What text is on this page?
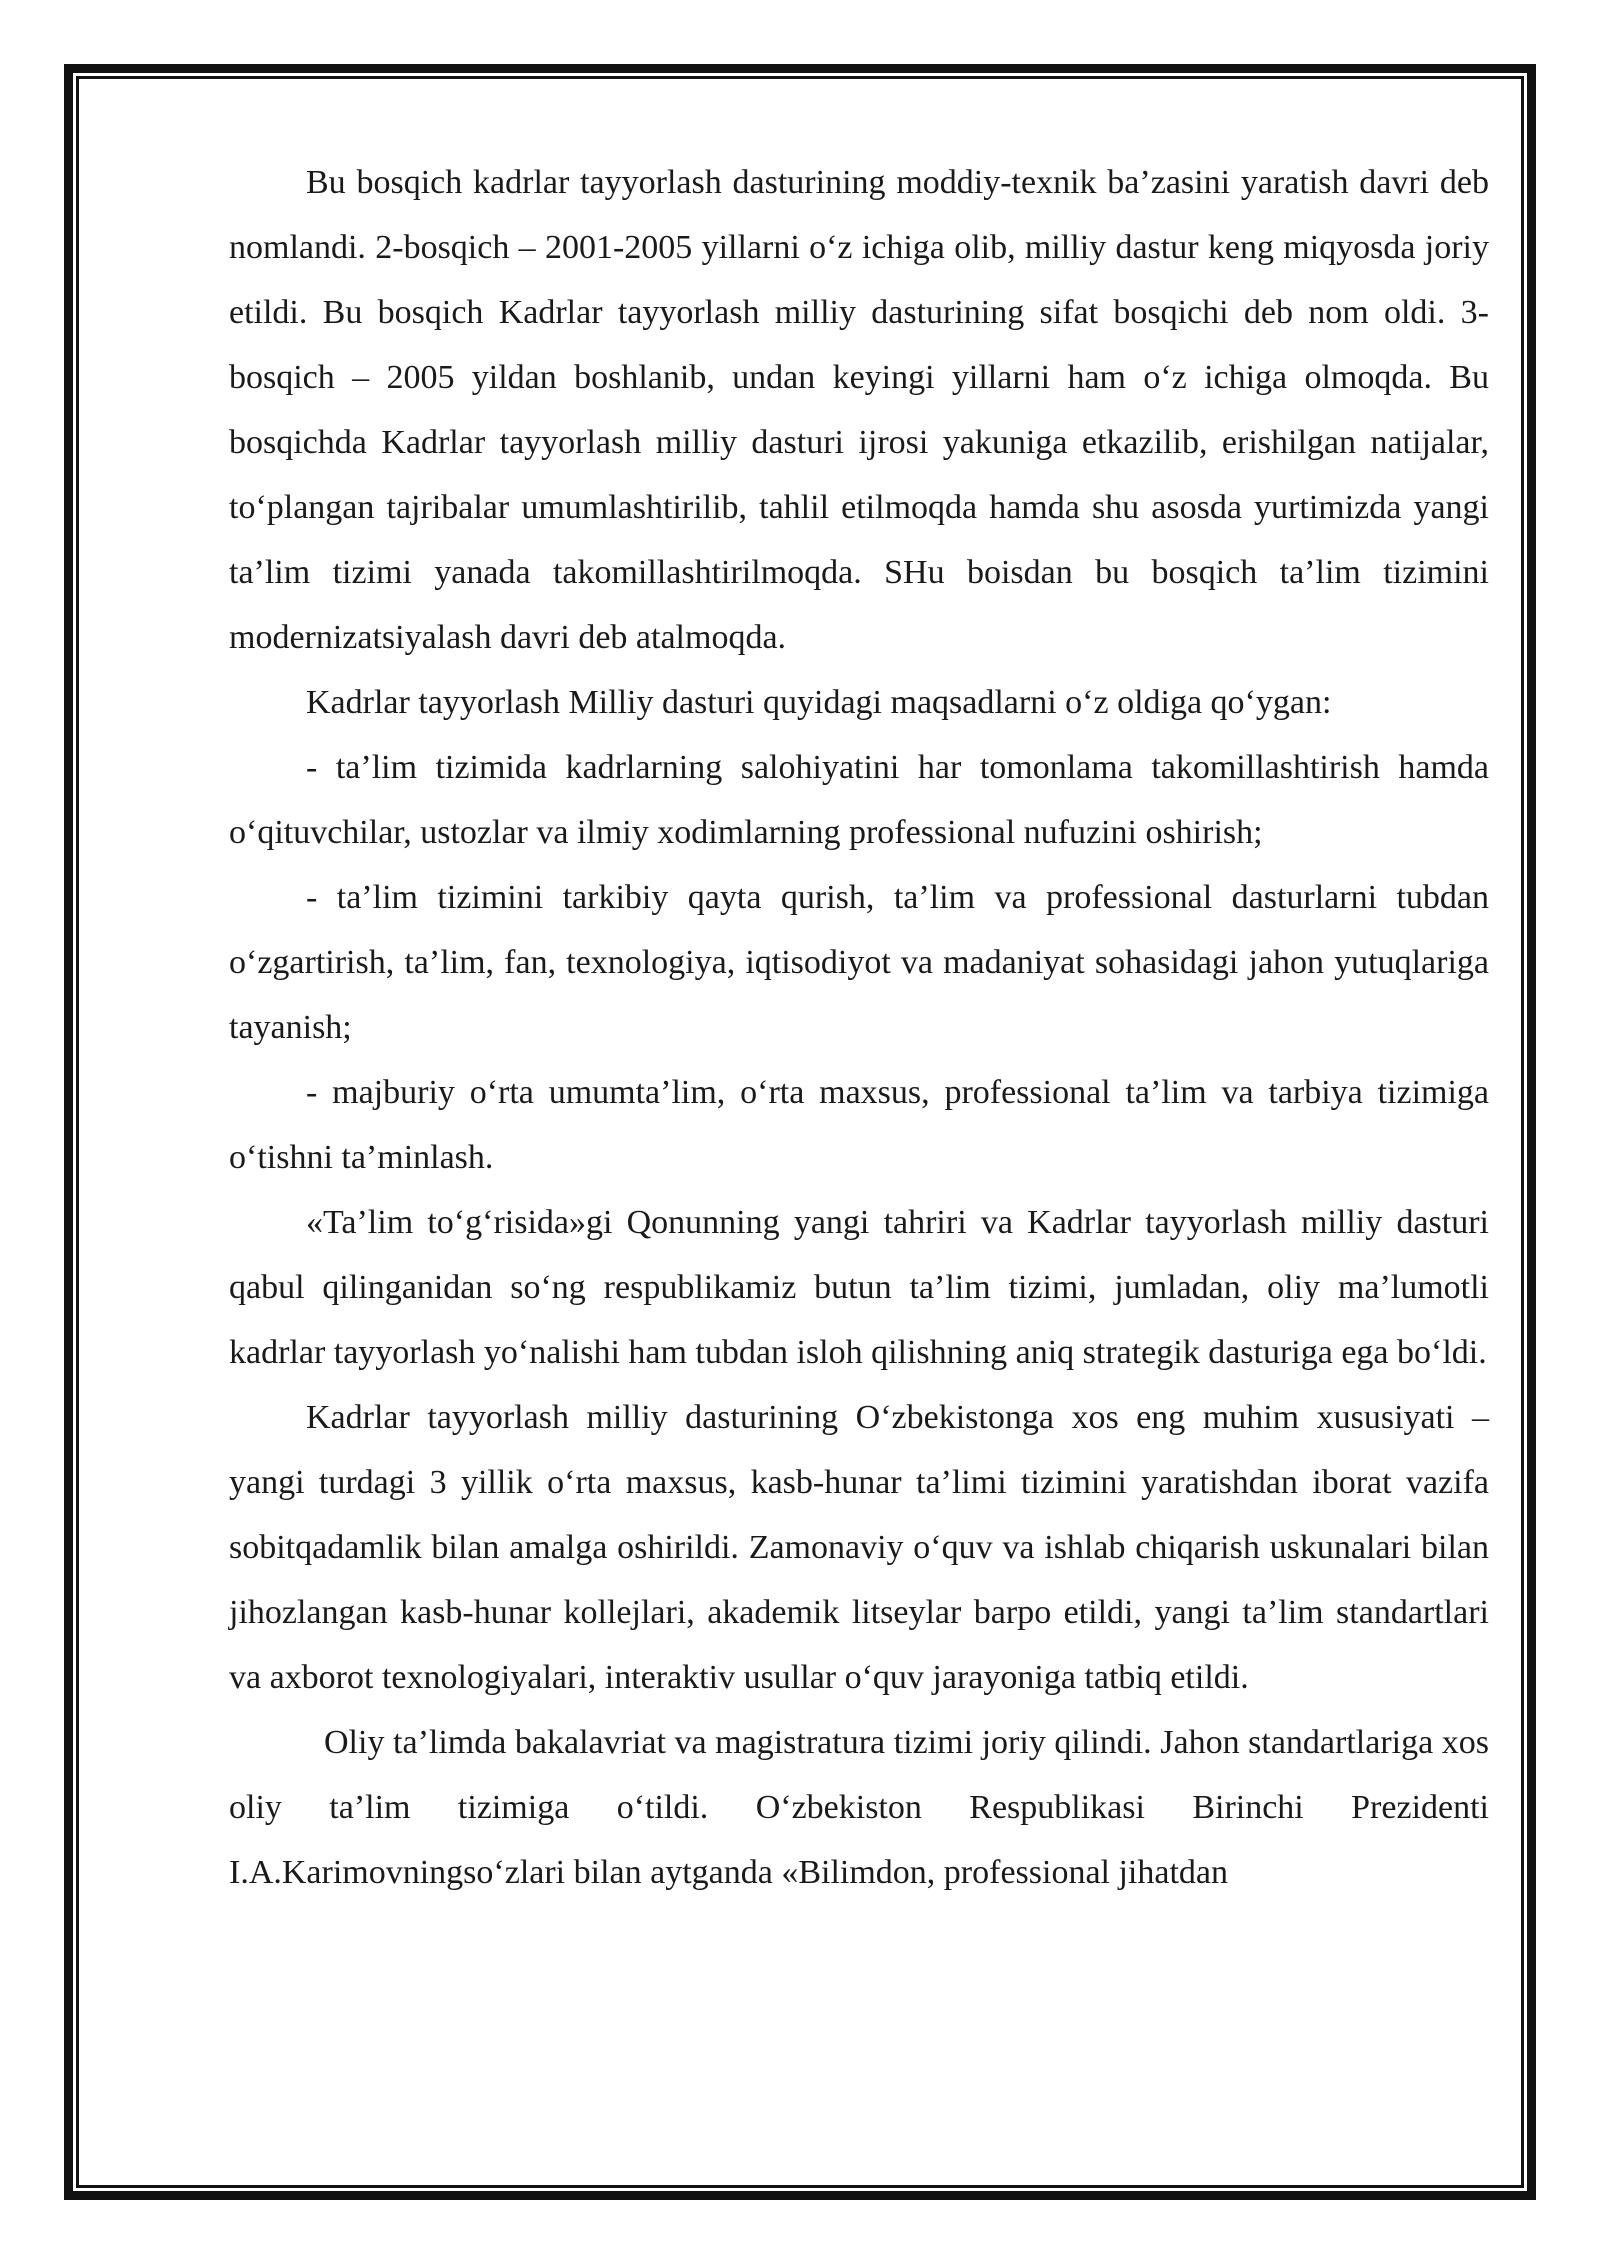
Bu bosqich kadrlar tayyorlash dasturining moddiy-texnik ba’zasini yaratish davri deb nomlandi. 2-bosqich – 2001-2005 yillarni o‘z ichiga olib, milliy dastur keng miqyosda joriy etildi. Bu bosqich Kadrlar tayyorlash milliy dasturining sifat bosqichi deb nom oldi. 3-bosqich – 2005 yildan boshlanib, undan keyingi yillarni ham o‘z ichiga olmoqda. Bu bosqichda Kadrlar tayyorlash milliy dasturi ijrosi yakuniga etkazilib, erishilgan natijalar, to‘plangan tajribalar umumlashtirilib, tahlil etilmoqda hamda shu asosda yurtimizda yangi ta’lim tizimi yanada takomillashtirilmoqda. SHu boisdan bu bosqich ta’lim tizimini modernizatsiyalash davri deb atalmoqda.

Kadrlar tayyorlash Milliy dasturi quyidagi maqsadlarni o‘z oldiga qo‘ygan:

- ta’lim tizimida kadrlarning salohiyatini har tomonlama takomillashtirish hamda o‘qituvchilar, ustozlar va ilmiy xodimlarning professional nufuzini oshirish;

- ta’lim tizimini tarkibiy qayta qurish, ta’lim va professional dasturlarni tubdan o‘zgartirish, ta’lim, fan, texnologiya, iqtisodiyot va madaniyat sohasidagi jahon yutuqlariga tayanish;

- majburiy o‘rta umumta’lim, o‘rta maxsus, professional ta’lim va tarbiya tizimiga o‘tishni ta’minlash.

«Ta’lim to‘g‘risida»gi Qonunning yangi tahriri va Kadrlar tayyorlash milliy dasturi qabul qilinganidan so‘ng respublikamiz butun ta’lim tizimi, jumladan, oliy ma’lumotli kadrlar tayyorlash yo‘nalishi ham tubdan isloh qilishning aniq strategik dasturiga ega bo‘ldi.

Kadrlar tayyorlash milliy dasturining O‘zbekistonga xos eng muhim xususiyati – yangi turdagi 3 yillik o‘rta maxsus, kasb-hunar ta’limi tizimini yaratishdan iborat vazifa sobitqadamlik bilan amalga oshirildi. Zamonaviy o‘quv va ishlab chiqarish uskunalari bilan jihozlangan kasb-hunar kollejlari, akademik litseylar barpo etildi, yangi ta’lim standartlari va axborot texnologiyalari, interaktiv usullar o‘quv jarayoniga tatbiq etildi.

Oliy ta’limda bakalavriat va magistratura tizimi joriy qilindi. Jahon standartlariga xos oliy ta’lim tizimiga o‘tildi. O‘zbekiston Respublikasi Birinchi Prezidenti I.A.Karimovningso‘zlari bilan aytganda «Bilimdon, professional jihatdan
